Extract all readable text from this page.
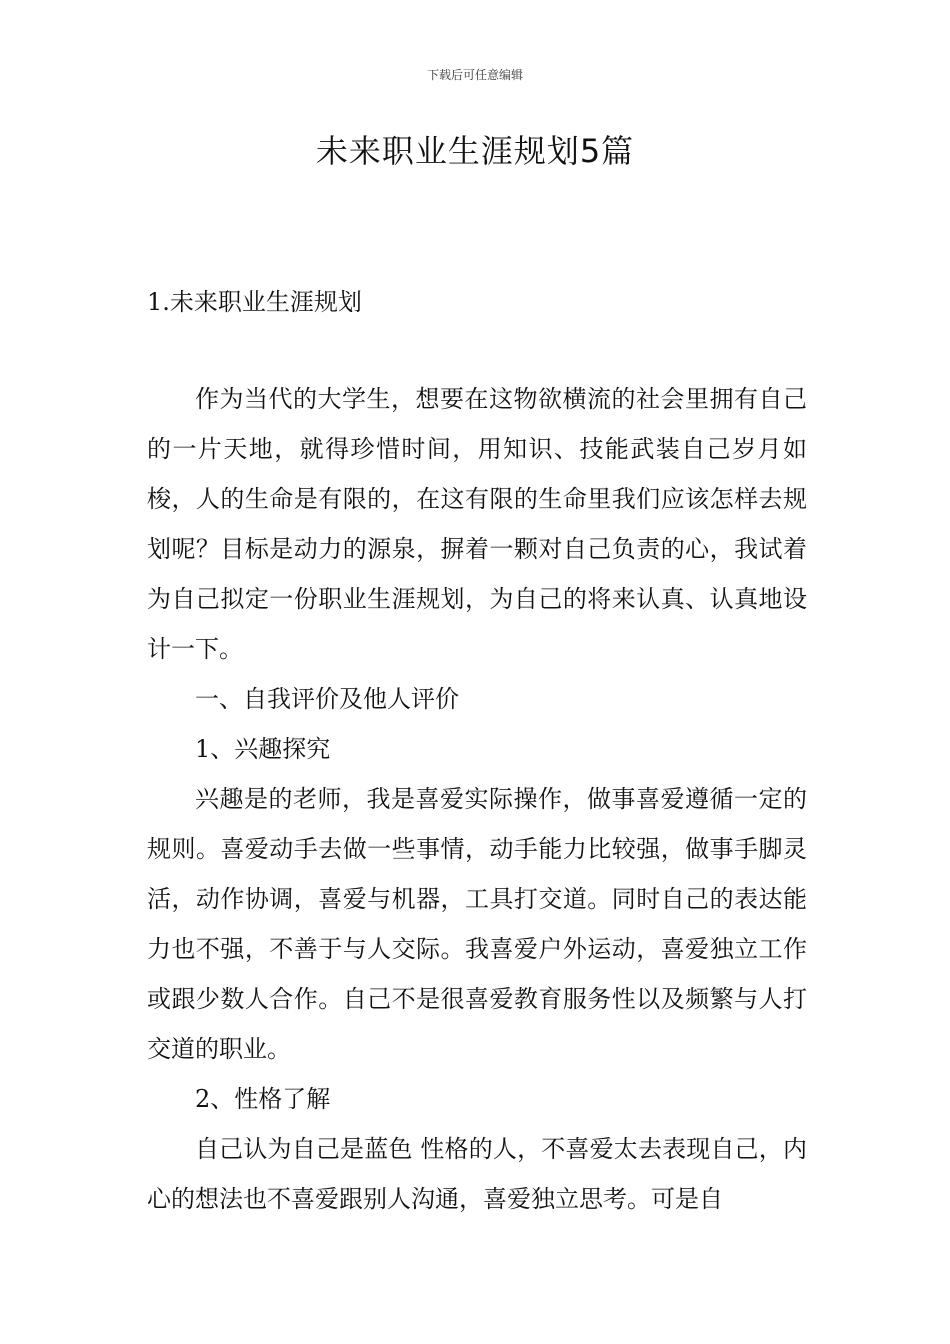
下载后可任意编辑
未来职业生涯规划5篇
1.未来职业生涯规划

作为当代的大学生，想要在这物欲横流的社会里拥有自己的一片天地，就得珍惜时间，用知识、技能武装自己岁月如梭，人的生命是有限的，在这有限的生命里我们应该怎样去规划呢？目标是动力的源泉，摒着一颗对自己负责的心，我试着为自己拟定一份职业生涯规划，为自己的将来认真、认真地设计一下。

一、自我评价及他人评价

1、兴趣探究

兴趣是的老师，我是喜爱实际操作，做事喜爱遵循一定的规则。喜爱动手去做一些事情，动手能力比较强，做事手脚灵活，动作协调，喜爱与机器，工具打交道。同时自己的表达能力也不强，不善于与人交际。我喜爱户外运动，喜爱独立工作或跟少数人合作。自己不是很喜爱教育服务性以及频繁与人打交道的职业。

2、性格了解

自己认为自己是蓝色 性格的人，不喜爱太去表现自己，内心的想法也不喜爱跟别人沟通，喜爱独立思考。可是自
